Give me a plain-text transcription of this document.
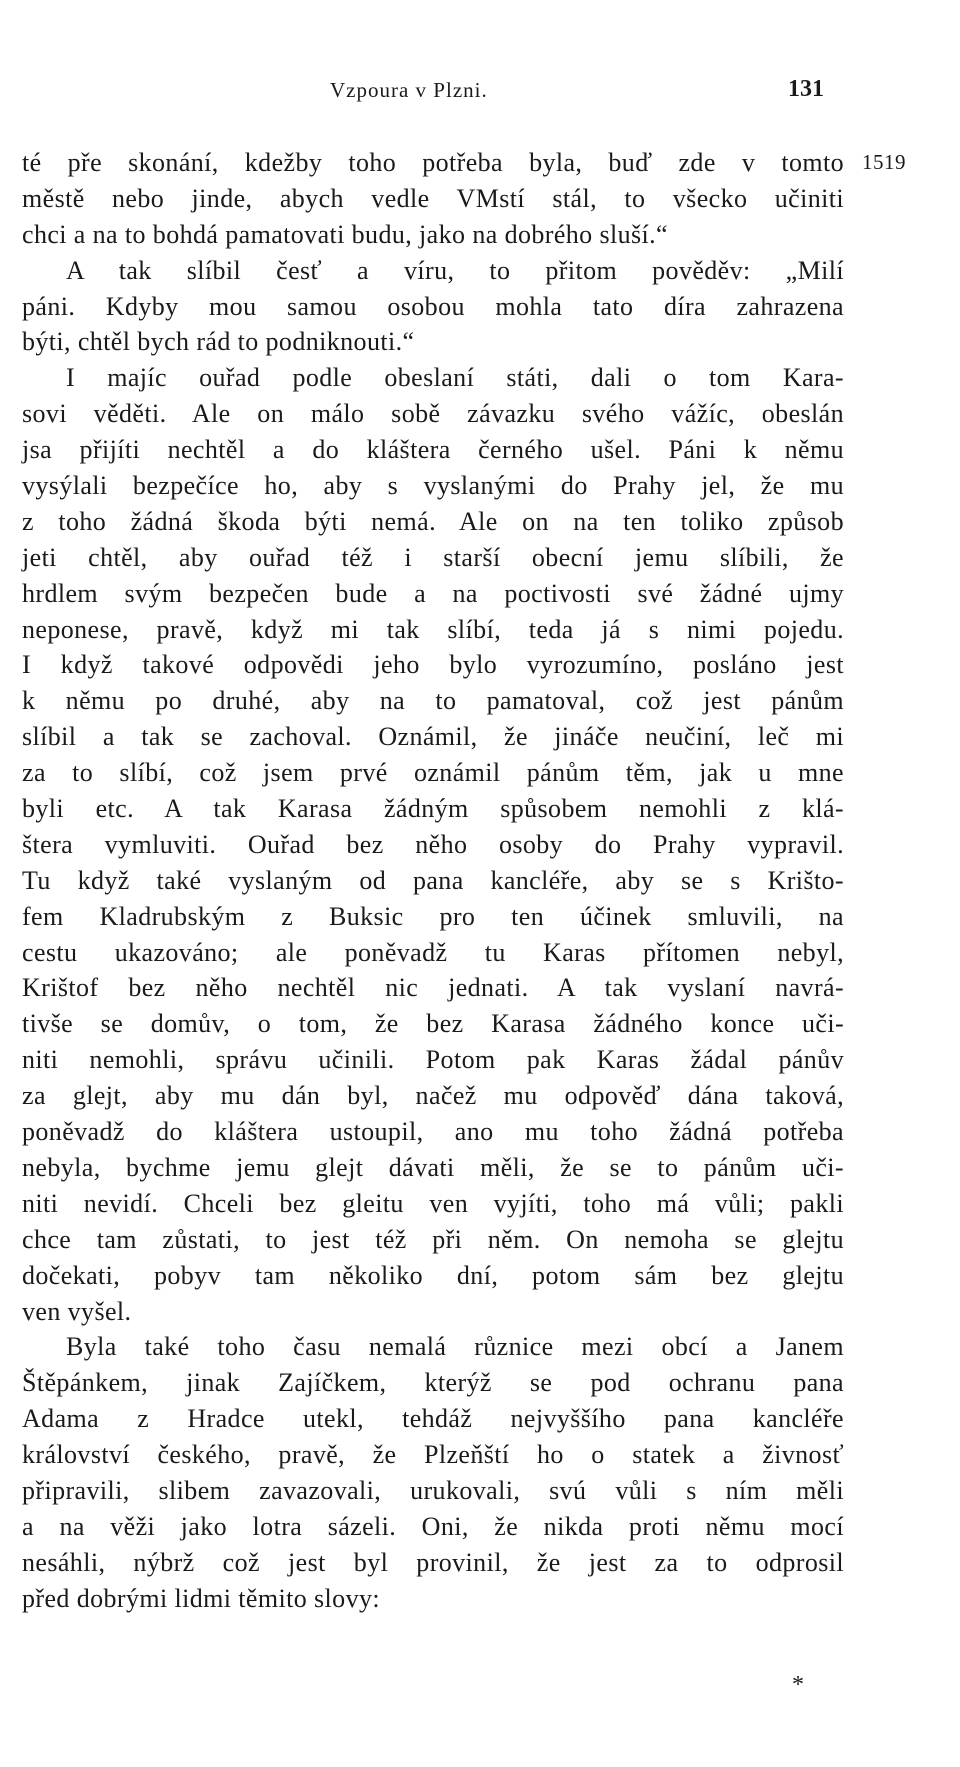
Vzpoura v Plzni.	131
1519
té pře skonání, kdežby toho potřeba byla, buď zde v tomto
městě nebo jinde, abych vedle VMstí stál, to všecko učiniti
chci a na to bohdá pamatovati budu, jako na dobrého sluší.“
A tak slíbil česť a víru, to přitom pověděv: „Milí
páni. Kdyby mou samou osobou mohla tato díra zahrazena
býti, chtěl bych rád to podniknouti.“
I majíc ouřad podle obeslaní státi, dali o tom Kara-
sovi věděti. Ale on málo sobě závazku svého vážíc, obeslán
jsa přijíti nechtěl a do kláštera černého ušel. Páni k němu
vysýlali bezpečíce ho, aby s vyslanými do Prahy jel, že mu
z toho žádná škoda býti nemá. Ale on na ten toliko způsob
jeti chtěl, aby ouřad též i starší obecní jemu slíbili, že
hrdlem svým bezpečen bude a na poctivosti své žádné ujmy
neponese, pravě, když mi tak slíbí, teda já s nimi pojedu.
I když takové odpovědi jeho bylo vyrozumíno, posláno jest
k němu po druhé, aby na to pamatoval, což jest pánům
slíbil a tak se zachoval. Oznámil, že jináče neučiní, leč mi
za to slíbí, což jsem prvé oznámil pánům těm, jak u mne
byli etc. A tak Karasa žádným spůsobem nemohli z klá-
štera vymluviti. Ouřad bez něho osoby do Prahy vypravil.
Tu když také vyslaným od pana kancléře, aby se s Krišto-
fem Kladrubským z Buksic pro ten účinek smluvili, na
cestu ukazováno; ale poněvadž tu Karas přítomen nebyl,
Krištof bez něho nechtěl nic jednati. A tak vyslaní navrá-
tivše se domův, o tom, že bez Karasa žádného konce uči-
niti nemohli, správu učinili. Potom pak Karas žádal pánův
za glejt, aby mu dán byl, načež mu odpověď dána taková,
poněvadž do kláštera ustoupil, ano mu toho žádná potřeba
nebyla, bychme jemu glejt dávati měli, že se to pánům uči-
niti nevidí. Chceli bez gleitu ven vyjíti, toho má vůli; pakli
chce tam zůstati, to jest též při něm. On nemoha se glejtu
dočekati, pobyv tam několiko dní, potom sám bez glejtu
ven vyšel.
Byla také toho času nemalá různice mezi obcí a Janem
Štěpánkem, jinak Zajíčkem, kterýž se pod ochranu pana
Adama z Hradce utekl, tehdáž nejvyššího pana kancléře
království českého, pravě, že Plzeňští ho o statek a živnosť
připravili, slibem zavazovali, urukovali, svú vůli s ním měli
a na věži jako lotra sázeli. Oni, že nikda proti němu mocí
nesáhli, nýbrž což jest byl provinil, že jest za to odprosil
před dobrými lidmi těmito slovy:
*
